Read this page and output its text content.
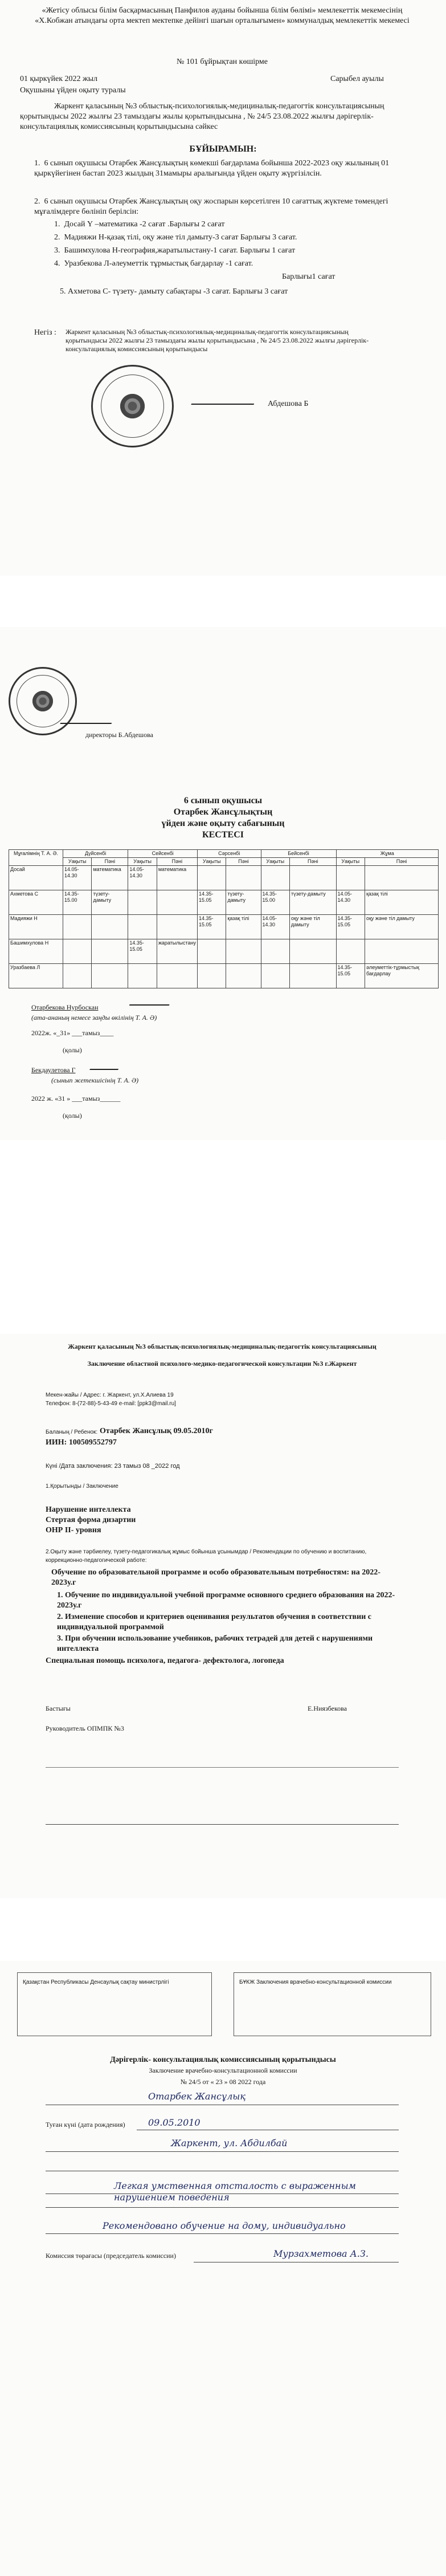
«Жетісу облысы білім басқармасының Панфилов ауданы бойынша білім бөлімі» мемлекеттік мекемесінің «Х.Кобжан атындағы орта мектеп мектепке дейінгі шағын орталығымен» коммуналдық мемлекеттік мекемесі
№ 101 бұйрықтан көшірме
01 қыркүйек 2022 жыл	Сарыбел ауылы
Оқушыны үйден оқыту туралы
Жаркент қаласының №3 облыстық-психологиялық-медициналық-педагогтік консультациясының қорытындысы 2022 жылғы 23 тамыздағы жылы қорытындысына , № 24/5 23.08.2022 жылғы дәрігерлік-консультациялық комиссиясының қорытындысына сәйкес
БҰЙЫРАМЫН:
1.  6 сынып оқушысы Отарбек Жансұлықтың көмекші бағдарлама бойынша 2022-2023 оқу жылының 01 қыркүйегінен бастап 2023 жылдың 31мамыры аралығында үйден оқыту жүргізілсін.
2.  6 сынып оқушысы Отарбек Жансұлықтың оқу жоспарын көрсетілген 10 сағаттық жүктеме төмендегі мұғалімдерге бөлініп берілсін:
1.  Досай Ү –математика -2 сағат .Барлығы 2 сағат
2.  Мадияжи Н-қазақ тілі, оқу және тіл дамыту-3 сағат Барлығы 3 сағат.
3.  Башимхулова Н-география,жаратылыстану-1 сағат. Барлығы 1 сағат
4.  Уразбекова Л-әлеуметтік тұрмыстық бағдарлау -1 сағат.
Барлығы1 сағат
5. Ахметова С- түзету- дамыту сабақтары -3 сағат. Барлығы 3 сағат
Негіз : Жаркент қаласының №3 облыстық-психологиялық-медициналық-педагогтік консультациясының қорытындысы 2022 жылғы 23 тамыздағы жылы қорытындысына , № 24/5 23.08.2022 жылғы дәрігерлік-консультациялық комиссиясының қорытындысы
Абдешова Б
директоры Б.Абдешова
6 сынып оқушысы
Отарбек Жансұлықтың
үйден және оқыту сабағының
КЕСТЕСІ
Мұғалімнің Т. А. Ә.	Дүйсенбі		Сейсенбі		Сәрсенбі		Бейсенбі		Жұма	
	Уақыты	Пәні	Уақыты	Пәні	Уақыты	Пәні	Уақыты	Пәні	Уақыты	Пәні
Досай	14.05-14.30	математика	14.05-14.30	математика						
Ахметова С	14.35-15.00	түзету-дамыту			14.35-15.05	түзету-дамыту	14.35-15.00	түзету-дамыту	14.05-14.30	қазақ тілі
Мадияжи Н					14.35-15.05	қазақ тілі	14.05-14.30	оқу және тіл дамыту	14.35-15.05	оқу және тіл дамыту
Башимхулова Н			14.35-15.05	жаратылыстану						
Уразбаева Л									14.35-15.05	әлеуметтік-тұрмыстық бағдарлау
Отарбекова Нурбоскан
(ата-ананың немесе заңды өкілінің Т. А. Ә)
2022ж. «_31» ___тамыз____
(қолы)
Бекдаулетова Г
(сынып жетекшісінің Т. А. Ә)
2022 ж. «31 » ___тамыз______
(қолы)
Жаркент қаласының №3 облыстық-психологиялық-медициналық-педагогтік консультациясының
Заключение областной психолого-медико-педагогической консультации №3 г.Жаркент
Мекен-жайы / Адрес: г. Жаркент, ул.Х.Алиева 19
Телефон: 8-(72-88)-5-43-49 e-mail: [ppk3@mail.ru]
Баланың / Ребенок: Отарбек Жансұлық 09.05.2010г
ИИН: 100509552797
Күні /Дата заключения: 23 тамыз 08 _2022 год
1.Қорытынды / Заключение
Нарушение интеллекта
Стертая форма дизартии
ОНР II- уровня
2.Оқыту және тәрбиелеу, түзету-педагогикалық жұмыс бойынша ұсынымдар / Рекомендации по обучению и воспитанию, коррекционно-педагогической работе:
Обучение по образовательной программе и особо образовательным потребностям: на 2022-2023у.г
1. Обучение по индивидуальной учебной программе основного среднего образования на 2022-2023у.г
2. Изменение способов и критериев оценивания результатов обучения в соответствии с индивидуальной программой
3. При обучении использование учебников, рабочих тетрадей для детей с нарушениями интеллекта
Специальная помощь психолога, педагога- дефектолога, логопеда
Бастығы	Е.Ниязбекова
Руководитель ОПМПК №3
Қазақстан Республикасы Денсаулық сақтау министрлігі	БҰКЖ Заключения врачебно-консультационной комиссии
Дәрігерлік- консультациялық комиссиясының қорытындысы
Заключение врачебно-консультационной комиссии
№ 24/5 от « 23 » 08 2022 года
Отарбек Жансұлық
Туған күні (дата рождения)	09.05.2010
Жаркент, ул. Абдилбай
Легкая умственная отсталость с выраженным нарушением поведения
Рекомендовано обучение на дому, индивидуально
Комиссия төрағасы (председатель комиссии)	Мурзахметова А.З.
